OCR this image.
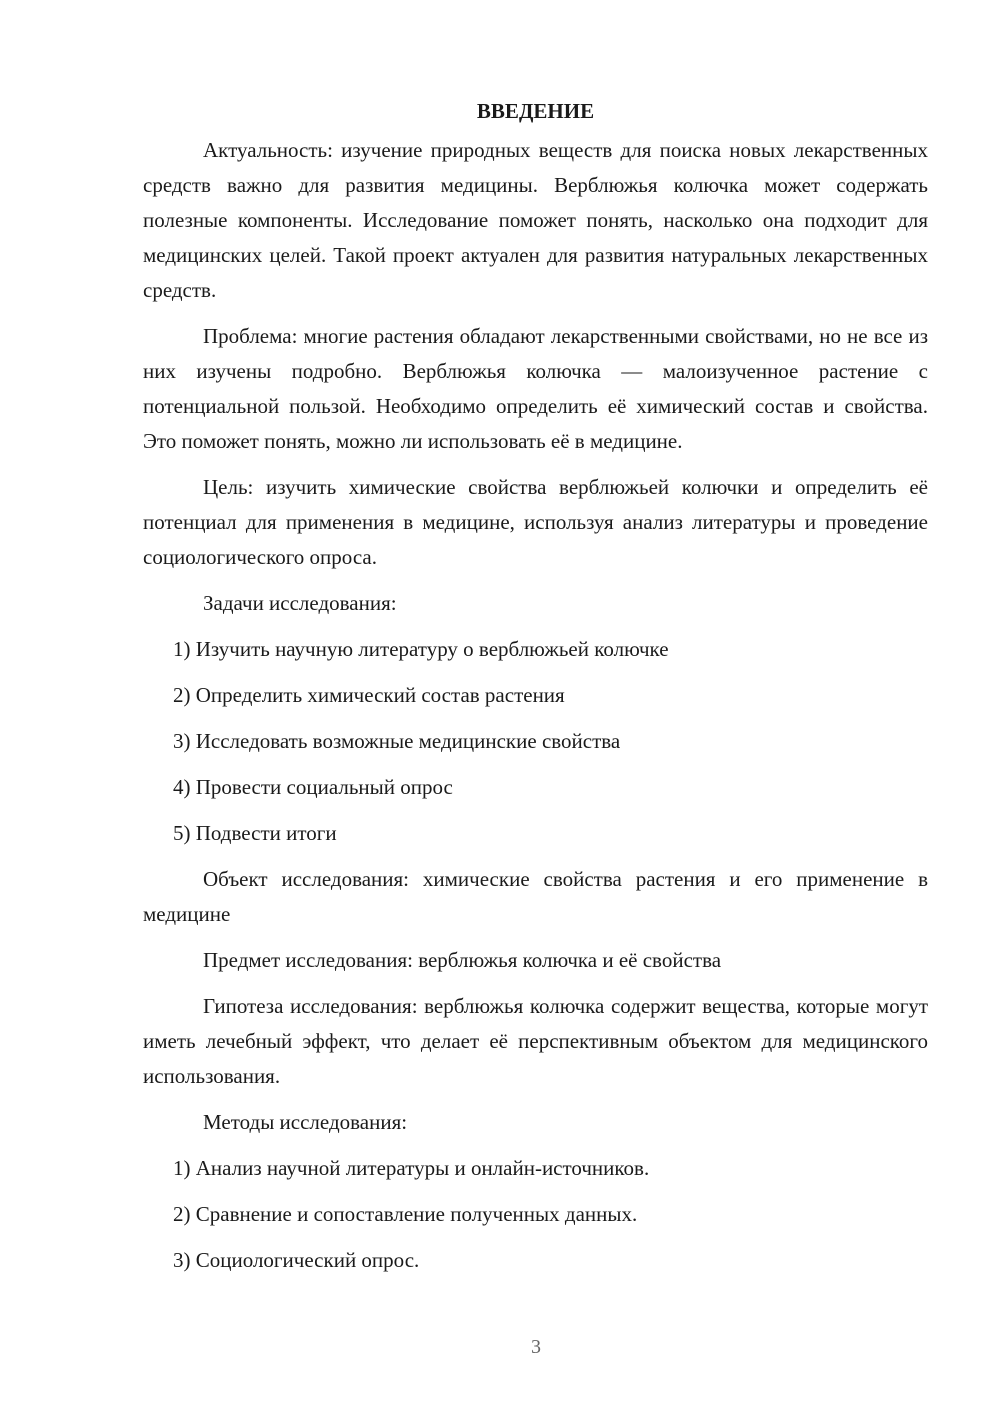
ВВЕДЕНИЕ

Актуальность: изучение природных веществ для поиска новых лекарственных средств важно для развития медицины. Верблюжья колючка может содержать полезные компоненты. Исследование поможет понять, насколько она подходит для медицинских целей. Такой проект актуален для развития натуральных лекарственных средств.

Проблема: многие растения обладают лекарственными свойствами, но не все из них изучены подробно. Верблюжья колючка — малоизученное растение с потенциальной пользой. Необходимо определить её химический состав и свойства. Это поможет понять, можно ли использовать её в медицине.

Цель: изучить химические свойства верблюжьей колючки и определить её потенциал для применения в медицине, используя анализ литературы и проведение социологического опроса.

Задачи исследования:
1) Изучить научную литературу о верблюжьей колючке
2) Определить химический состав растения
3) Исследовать возможные медицинские свойства
4) Провести социальный опрос
5) Подвести итоги

Объект исследования: химические свойства растения и его применение в медицине

Предмет исследования: верблюжья колючка и её свойства

Гипотеза исследования: верблюжья колючка содержит вещества, которые могут иметь лечебный эффект, что делает её перспективным объектом для медицинского использования.

Методы исследования:
1) Анализ научной литературы и онлайн-источников.
2) Сравнение и сопоставление полученных данных.
3) Социологический опрос.
3
